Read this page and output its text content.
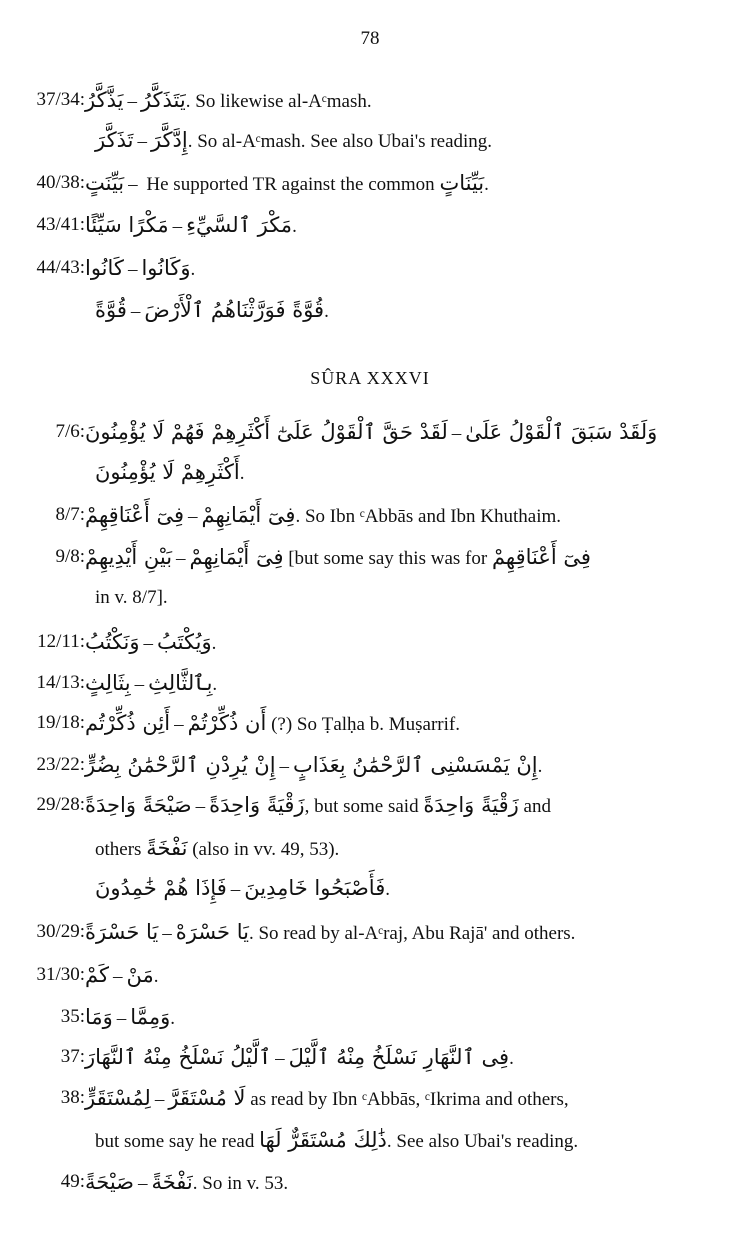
78
37/34: يَذَّكَّرُ – يَتَذَكَّرُ. So likewise al-Aᶜmash.
تَذَكَّرَ – إِدَّكَّرَ. So al-Aᶜmash. See also Ubai's reading.
40/38: بَيِّنَتٍ – He supported TR against the common بَيِّنَاتٍ.
43/41: مَكْرًا سَيِّئًا – مَكْرَ ٱلسَّيِّءِ.
44/43: كَانُوا – وَكَانُوا.
قُوَّةً – قُوَّةً فَوَرَّثْنَاهُمُ ٱلْأَرْضَ.
SÛRA XXXVI
7/6: لَقَدْ حَقَّ ٱلْقَوْلُ عَلَىٰٓ أَكْثَرِهِمْ فَهُمْ لَا يُؤْمِنُونَ – وَلَقَدْ سَبَقَ ٱلْقَوْلُ عَلَىٰ
أَكْثَرِهِمْ لَا يُؤْمِنُونَ.
8/7: فِىٓ أَعْنَاقِهِمْ – فِىٓ أَيْمَانِهِمْ. So Ibn ᶜAbbās and Ibn Khuthaim.
9/8: بَيْنِ أَيْدِيهِمْ – فِىٓ أَيْمَانِهِمْ [but some say this was for فِىٓ أَعْنَاقِهِمْ
in v. 8/7].
12/11: وَنَكْتُبُ – وَيُكْتَبُ.
14/13: بِثَالِثٍ – بِٱلثَّالِثِ.
19/18: أَئِن ذُكِّرْتُم – أَن ذُكِّرْتُمْ (?) So Ṭalḥa b. Muṣarrif.
23/22: إِنْ يُرِدْنِ ٱلرَّحْمَٰنُ بِضُرٍّ – إِنْ يَمْسَسْنِى ٱلرَّحْمَٰنُ بِعَذَابٍ.
29/28: صَيْحَةً وَاحِدَةً – زَقْيَةً وَاحِدَةً, but some said زَقْيَةً وَاحِدَةً and
others نَفْخَةً (also in vv. 49, 53).
فَإِذَا هُمْ خَٰمِدُونَ – فَأَصْبَحُوا خَامِدِينَ.
30/29: يَا حَسْرَةً – يَا حَسْرَهْ. So read by al-Aᶜraj, Abu Rajā' and others.
31/30: كَمْ – مَنْ.
35: وَمَا – وَمِمَّا.
37: ٱلَّيْلُ نَسْلَخُ مِنْهُ ٱلنَّهَارَ – فِى ٱلنَّهَارِ نَسْلَخُ مِنْهُ ٱلَّيْلَ.
38: لِمُسْتَقَرٍّ – لَا مُسْتَقَرَّ as read by Ibn ᶜAbbās, ᶜIkrima and others,
but some say he read ذَٰلِكَ مُسْتَقَرٌّ لَهَا. See also Ubai's reading.
49: صَيْحَةً – نَفْخَةً. So in v. 53.
